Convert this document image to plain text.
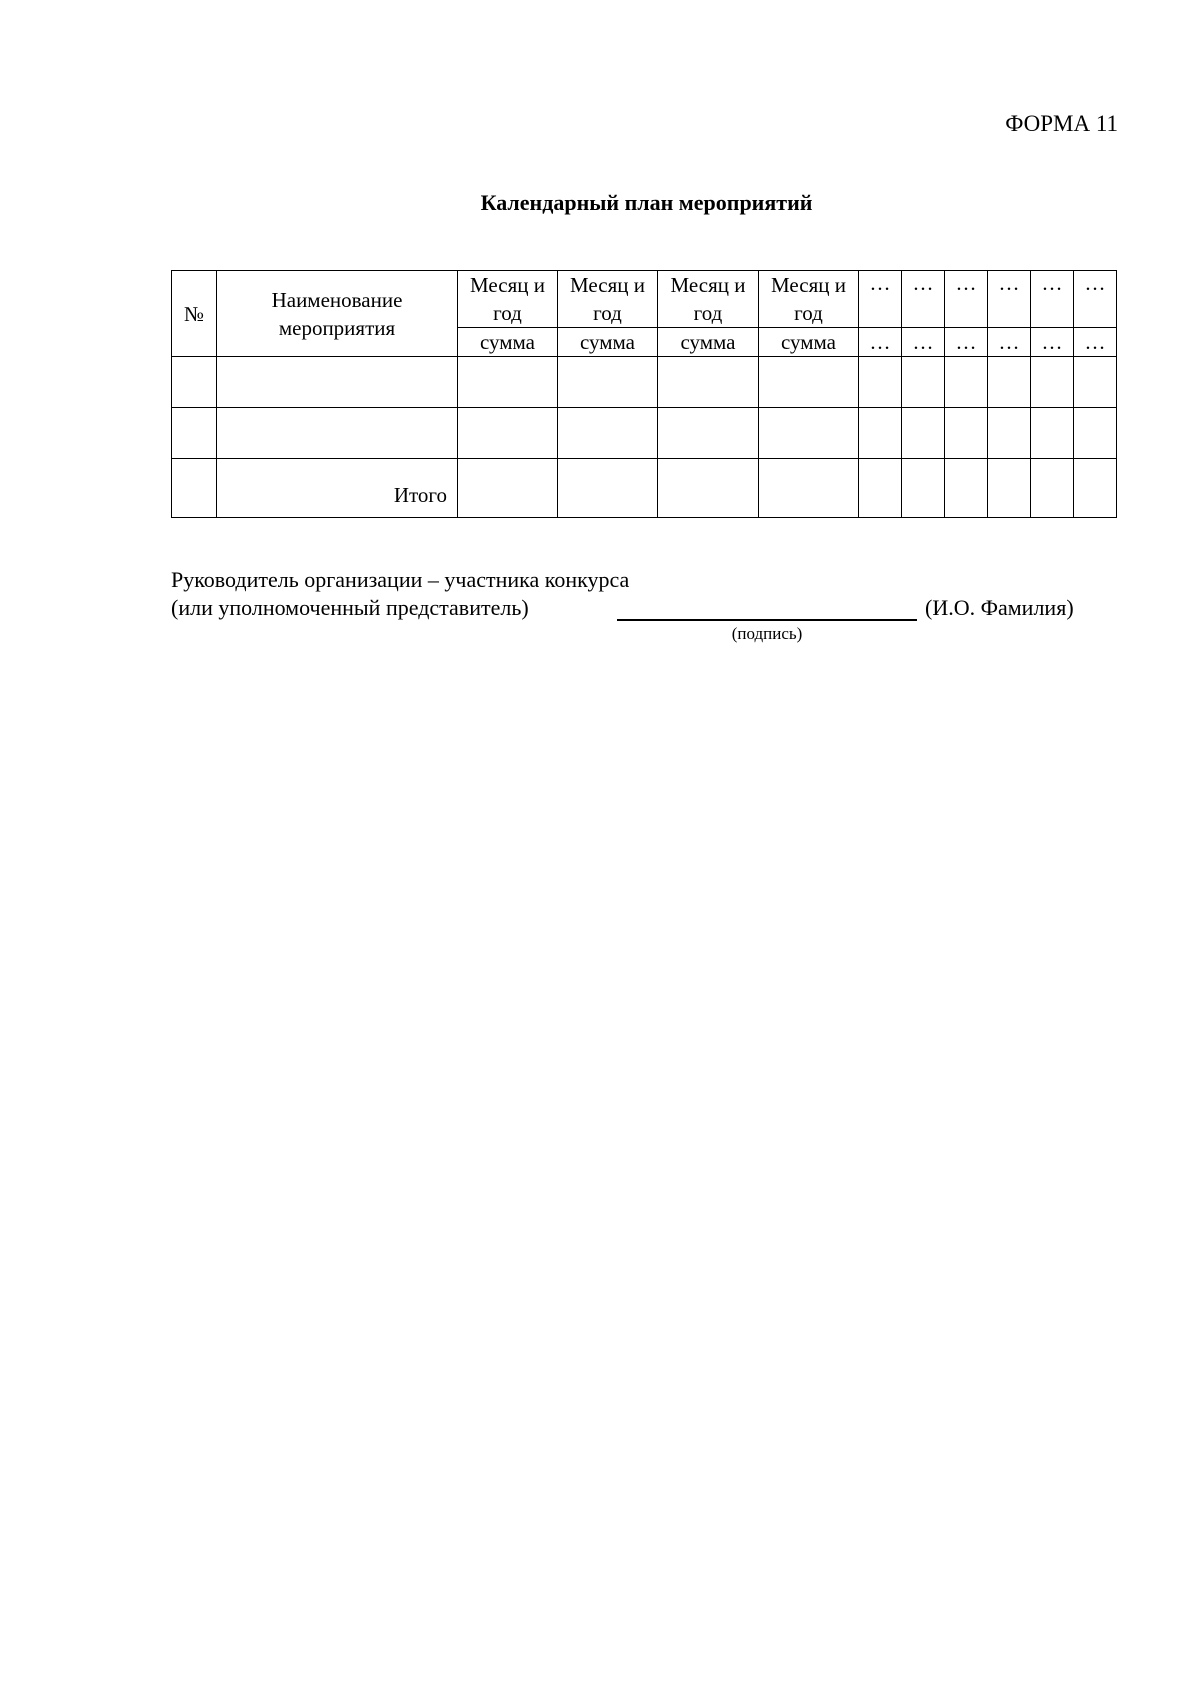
ФОРМА 11
Календарный план мероприятий
№	Наименование мероприятия	Месяц и год	Месяц и год	Месяц и год	Месяц и год	…	…	…	…	…	…
		сумма	сумма	сумма	сумма	…	…	…	…	…	…

	Итого										
Руководитель организации – участника конкурса
(или уполномоченный представитель)	(И.О. Фамилия)
(подпись)
